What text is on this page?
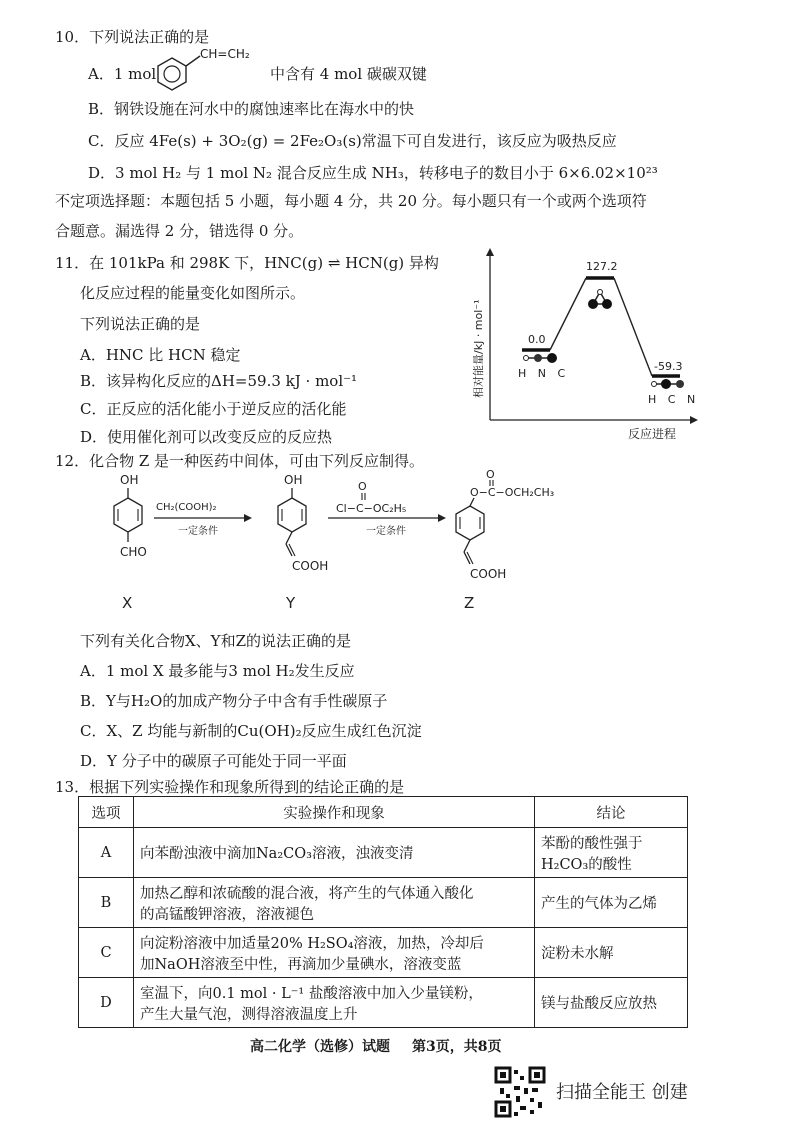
10．下列说法正确的是
A．1 mol
CH=CH₂
中含有 4 mol 碳碳双键
B．钢铁设施在河水中的腐蚀速率比在海水中的快
C．反应 4Fe(s) + 3O₂(g) = 2Fe₂O₃(s)常温下可自发进行，该反应为吸热反应
D．3 mol H₂ 与 1 mol N₂ 混合反应生成 NH₃，转移电子的数目小于 6×6.02×10²³
不定项选择题：本题包括 5 小题，每小题 4 分，共 20 分。每小题只有一个或两个选项符
合题意。漏选得 2 分，错选得 0 分。
11．在 101kPa 和 298K 下，HNC(g) ⇌ HCN(g) 异构
化反应过程的能量变化如图所示。
下列说法正确的是
A．HNC 比 HCN 稳定
B．该异构化反应的ΔH=59.3 kJ · mol⁻¹
C．正反应的活化能小于逆反应的活化能
D．使用催化剂可以改变反应的反应热
相对能量/kJ · mol⁻¹
反应进程
0.0
127.2
-59.3
H N C
H C N
12．化合物 Z 是一种医药中间体，可由下列反应制得。
OH
CHO
X
CH₂(COOH)₂
一定条件
OH
COOH
Y
O
Cl−C−OC₂H₅
一定条件
O
O−C−OCH₂CH₃
COOH
Z
下列有关化合物X、Y和Z的说法正确的是
A．1 mol X 最多能与3 mol H₂发生反应
B．Y与H₂O的加成产物分子中含有手性碳原子
C．X、Z 均能与新制的Cu(OH)₂反应生成红色沉淀
D．Y 分子中的碳原子可能处于同一平面
13．根据下列实验操作和现象所得到的结论正确的是
选项	实验操作和现象	结论
A	向苯酚浊液中滴加Na₂CO₃溶液，浊液变清	苯酚的酸性强于
H₂CO₃的酸性

B	加热乙醇和浓硫酸的混合液，将产生的气体通入酸化
的高锰酸钾溶液，溶液褪色	产生的气体为乙烯

C	向淀粉溶液中加适量20% H₂SO₄溶液，加热，冷却后
加NaOH溶液至中性，再滴加少量碘水，溶液变蓝	淀粉未水解

D	室温下，向0.1 mol · L⁻¹ 盐酸溶液中加入少量镁粉，
产生大量气泡，测得溶液温度上升	镁与盐酸反应放热
高二化学（选修）试题 第3页，共8页
扫描全能王 创建
